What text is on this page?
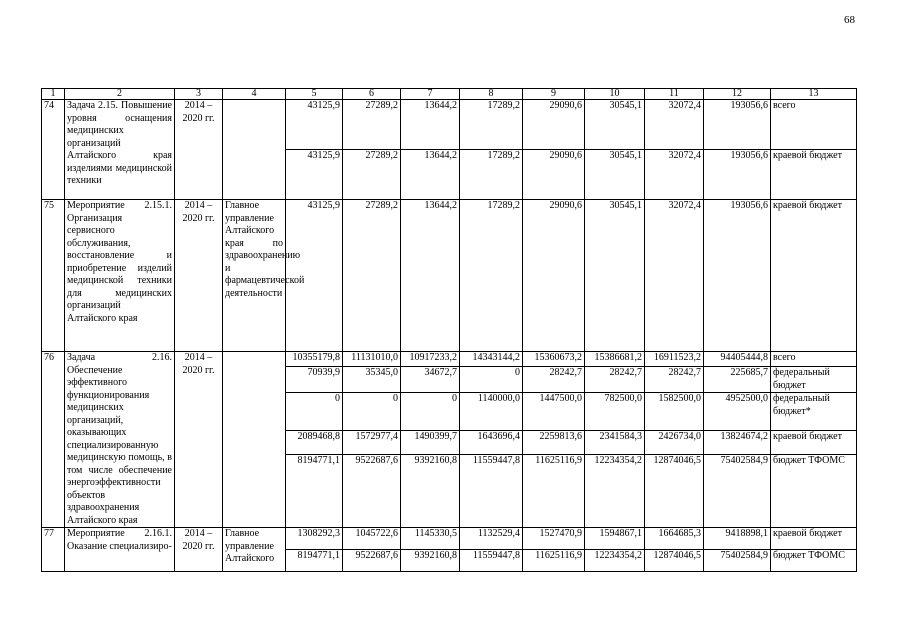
68
1	2	3	4	5	6	7	8	9	10	11	12	13
74	Задача 2.15. Повышение уровня оснащения медицинских организаций Алтайского края изделиями медицинской техники	2014 – 2020 гг.		43125,9	27289,2	13644,2	17289,2	29090,6	30545,1	32072,4	193056,6	всего
				43125,9	27289,2	13644,2	17289,2	29090,6	30545,1	32072,4	193056,6	краевой бюджет
75	Мероприятие 2.15.1. Организация сервисного обслуживания, восстановление и приобретение изделий медицинской техники для медицинских организаций Алтайского края	2014 – 2020 гг.	Главное управление Алтайского края по здравоохранению и фармацевтической деятельности	43125,9	27289,2	13644,2	17289,2	29090,6	30545,1	32072,4	193056,6	краевой бюджет
76	Задача 2.16. Обеспечение эффективного функционирования медицинских организаций, оказывающих специализированную медицинскую помощь, в том числе обеспечение энергоэффективности объектов здравоохранения Алтайского края	2014 – 2020 гг.		10355179,8	11131010,0	10917233,2	14343144,2	15360673,2	15386681,2	16911523,2	94405444,8	всего
				70939,9	35345,0	34672,7	0	28242,7	28242,7	28242,7	225685,7	федеральный бюджет
				0	0	0	1140000,0	1447500,0	782500,0	1582500,0	4952500,0	федеральный бюджет*
				2089468,8	1572977,4	1490399,7	1643696,4	2259813,6	2341584,3	2426734,0	13824674,2	краевой бюджет
				8194771,1	9522687,6	9392160,8	11559447,8	11625116,9	12234354,2	12874046,5	75402584,9	бюджет ТФОМС
77	Мероприятие 2.16.1. Оказание специализиро-	2014 – 2020 гг.	Главное управление Алтайского	1308292,3	1045722,6	1145330,5	1132529,4	1527470,9	1594867,1	1664685,3	9418898,1	краевой бюджет
				8194771,1	9522687,6	9392160,8	11559447,8	11625116,9	12234354,2	12874046,5	75402584,9	бюджет ТФОМС
